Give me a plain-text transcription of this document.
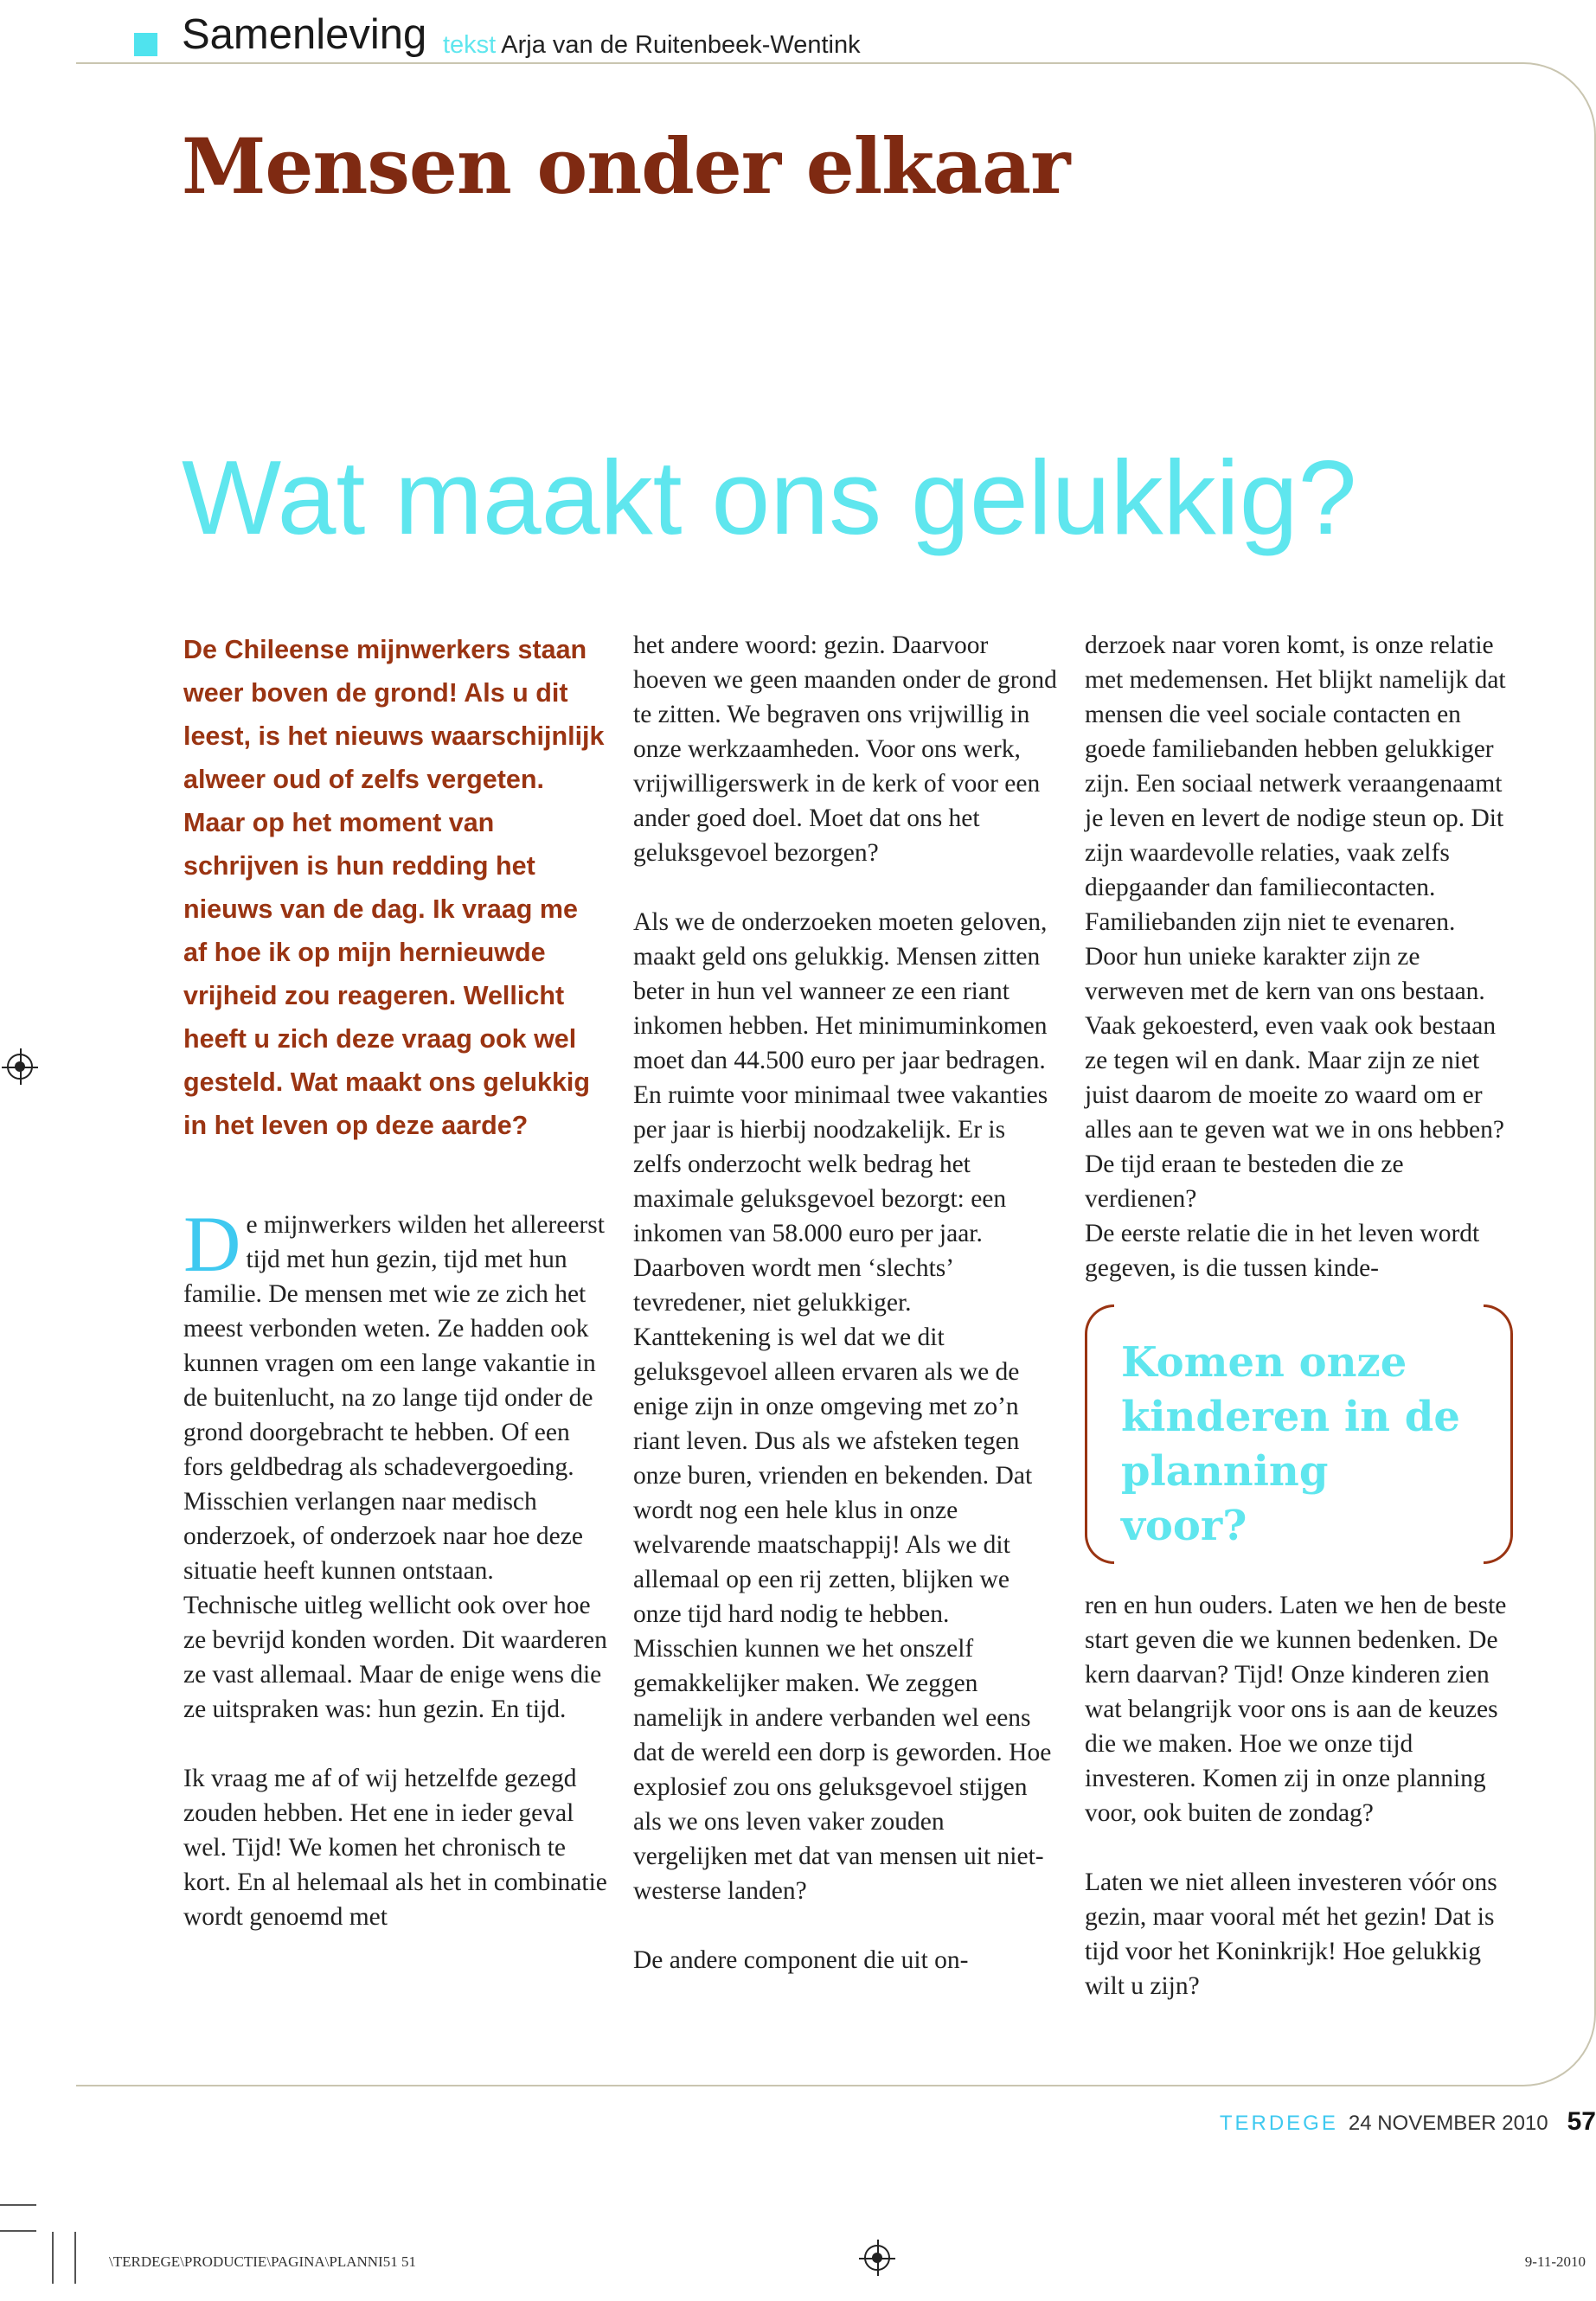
Samenleving tekst Arja van de Ruitenbeek-Wentink
Mensen onder elkaar
Wat maakt ons gelukkig?

De Chileense mijnwerkers staan weer boven de grond! Als u dit leest, is het nieuws waarschijnlijk alweer oud of zelfs vergeten. Maar op het moment van schrijven is hun redding het nieuws van de dag. Ik vraag me af hoe ik op mijn hernieuwde vrijheid zou reageren. Wellicht heeft u zich deze vraag ook wel gesteld. Wat maakt ons gelukkig in het leven op deze aarde?

De mijnwerkers wilden het allereerst tijd met hun gezin, tijd met hun familie. De mensen met wie ze zich het meest verbonden weten. Ze hadden ook kunnen vragen om een lange vakantie in de buitenlucht, na zo lange tijd onder de grond doorgebracht te hebben. Of een fors geldbedrag als schadevergoeding. Misschien verlangen naar medisch onderzoek, of onderzoek naar hoe deze situatie heeft kunnen ontstaan. Technische uitleg wellicht ook over hoe ze bevrijd konden worden. Dit waarderen ze vast allemaal. Maar de enige wens die ze uitspraken was: hun gezin. En tijd.

Ik vraag me af of wij hetzelfde gezegd zouden hebben. Het ene in ieder geval wel. Tijd! We komen het chronisch te kort. En al helemaal als het in combinatie wordt genoemd met

het andere woord: gezin. Daarvoor hoeven we geen maanden onder de grond te zitten. We begraven ons vrijwillig in onze werkzaamheden. Voor ons werk, vrijwilligerswerk in de kerk of voor een ander goed doel. Moet dat ons het geluksgevoel bezorgen?

Als we de onderzoeken moeten geloven, maakt geld ons gelukkig. Mensen zitten beter in hun vel wanneer ze een riant inkomen hebben. Het minimuminkomen moet dan 44.500 euro per jaar bedragen. En ruimte voor minimaal twee vakanties per jaar is hierbij noodzakelijk. Er is zelfs onderzocht welk bedrag het maximale geluksgevoel bezorgt: een inkomen van 58.000 euro per jaar. Daarboven wordt men ‘slechts’ tevredener, niet gelukkiger.

Kanttekening is wel dat we dit geluksgevoel alleen ervaren als we de enige zijn in onze omgeving met zo’n riant leven. Dus als we afsteken tegen onze buren, vrienden en bekenden. Dat wordt nog een hele klus in onze welvarende maatschappij! Als we dit allemaal op een rij zetten, blijken we onze tijd hard nodig te hebben. Misschien kunnen we het onszelf gemakkelijker maken. We zeggen namelijk in andere verbanden wel eens dat de wereld een dorp is geworden. Hoe explosief zou ons geluksgevoel stijgen als we ons leven vaker zouden vergelijken met dat van mensen uit niet-westerse landen?

De andere component die uit on-

derzoek naar voren komt, is onze relatie met medemensen. Het blijkt namelijk dat mensen die veel sociale contacten en goede familiebanden hebben gelukkiger zijn. Een sociaal netwerk veraangenaamt je leven en levert de nodige steun op. Dit zijn waardevolle relaties, vaak zelfs diepgaander dan familiecontacten. Familiebanden zijn niet te evenaren. Door hun unieke karakter zijn ze verweven met de kern van ons bestaan. Vaak gekoesterd, even vaak ook bestaan ze tegen wil en dank. Maar zijn ze niet juist daarom de moeite zo waard om er alles aan te geven wat we in ons hebben? De tijd eraan te besteden die ze verdienen?

De eerste relatie die in het leven wordt gegeven, is die tussen kinde-

Komen onze kinderen in de planning voor?

ren en hun ouders. Laten we hen de beste start geven die we kunnen bedenken. De kern daarvan? Tijd! Onze kinderen zien wat belangrijk voor ons is aan de keuzes die we maken. Hoe we onze tijd investeren. Komen zij in onze planning voor, ook buiten de zondag?

Laten we niet alleen investeren vóór ons gezin, maar vooral mét het gezin! Dat is tijd voor het Koninkrijk! Hoe gelukkig wilt u zijn?

TERDEGE 24 NOVEMBER 2010 57
\TERDEGE\PRODUCTIE\PAGINA\PLANNI51 51	9-11-2010
